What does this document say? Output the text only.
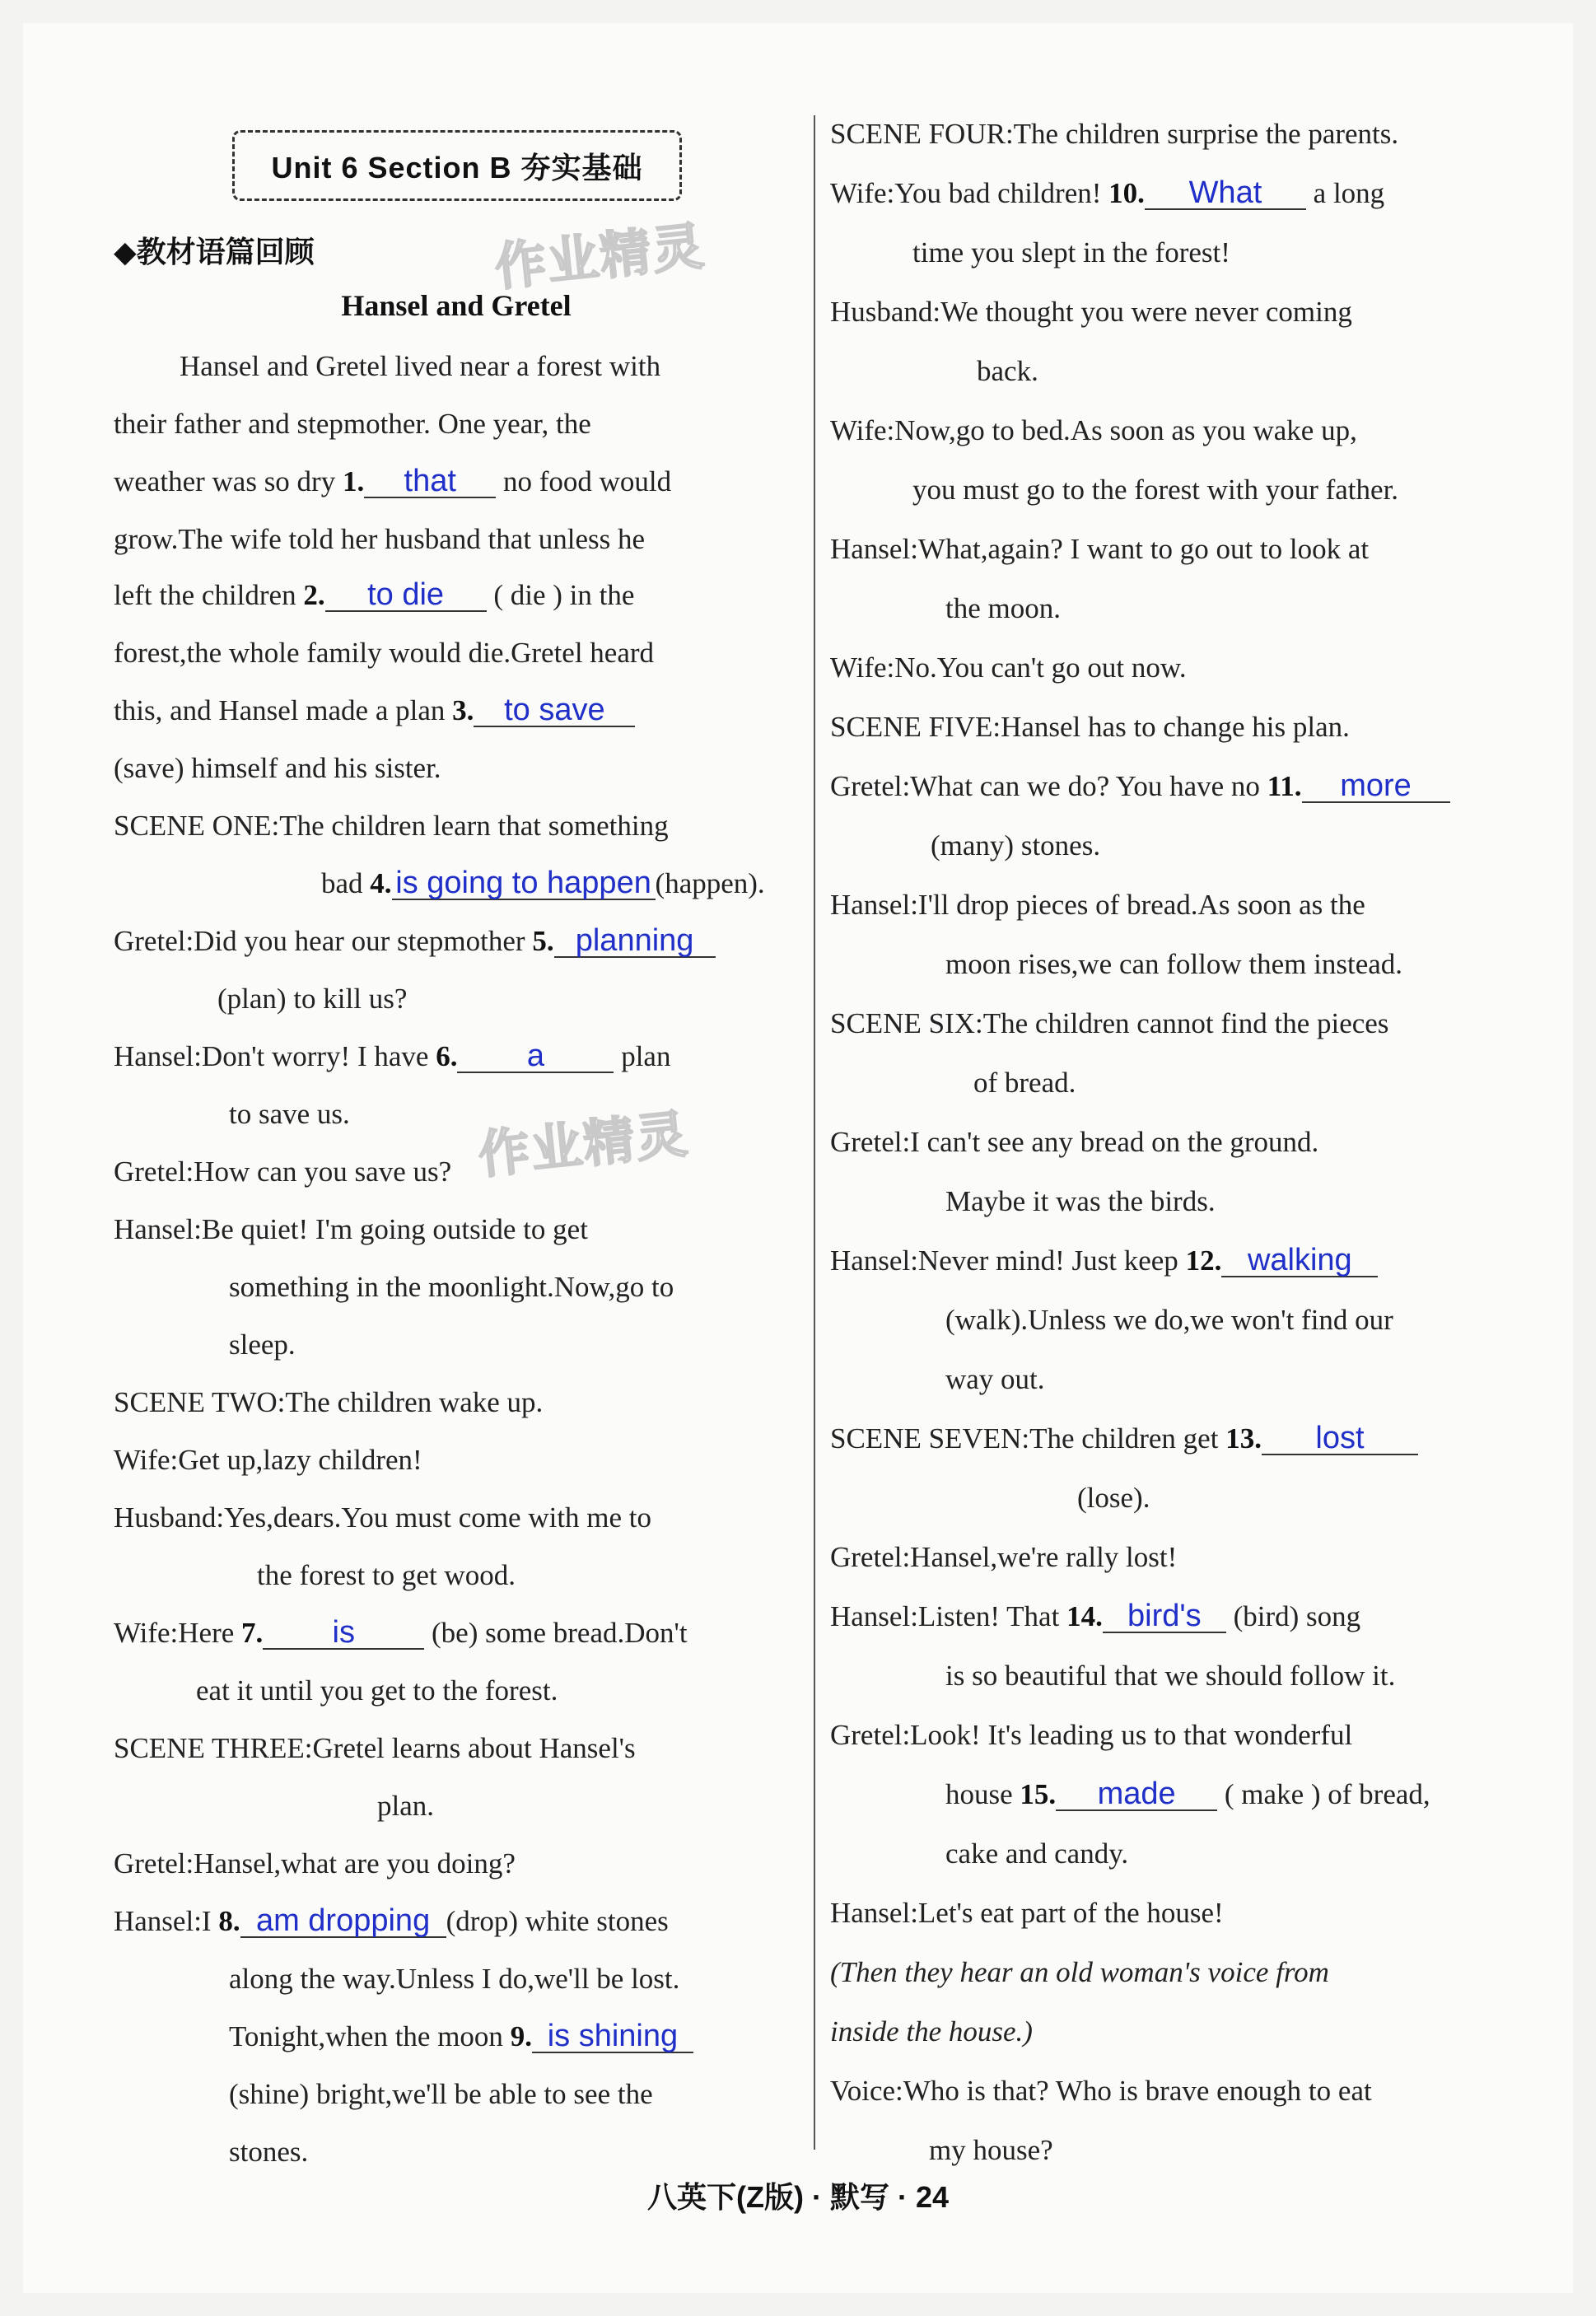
Unit 6 Section B 夯实基础
◆教材语篇回顾	作业精灵
作业精灵
Hansel and Gretel
Hansel and Gretel lived near a forest with
their father and stepmother. One year, the
weather was so dry 1. that no food would
grow.The wife told her husband that unless he
left the children 2. to die ( die ) in the
forest,the whole family would die.Gretel heard
this, and Hansel made a plan 3. to save
(save) himself and his sister.
SCENE ONE:The children learn that something
bad 4. is going to happen (happen).
Gretel:Did you hear our stepmother 5. planning
(plan) to kill us?
Hansel:Don't worry! I have 6. a plan
to save us.
Gretel:How can you save us?
Hansel:Be quiet! I'm going outside to get
something in the moonlight.Now,go to
sleep.
SCENE TWO:The children wake up.
Wife:Get up,lazy children!
Husband:Yes,dears.You must come with me to
the forest to get wood.
Wife:Here 7. is (be) some bread.Don't
eat it until you get to the forest.
SCENE THREE:Gretel learns about Hansel's
plan.
Gretel:Hansel,what are you doing?
Hansel:I 8. am dropping (drop) white stones
along the way.Unless I do,we'll be lost.
Tonight,when the moon 9. is shining
(shine) bright,we'll be able to see the
stones.
SCENE FOUR:The children surprise the parents.
Wife:You bad children! 10. What a long
time you slept in the forest!
Husband:We thought you were never coming
back.
Wife:Now,go to bed.As soon as you wake up,
you must go to the forest with your father.
Hansel:What,again? I want to go out to look at
the moon.
Wife:No.You can't go out now.
SCENE FIVE:Hansel has to change his plan.
Gretel:What can we do? You have no 11. more
(many) stones.
Hansel:I'll drop pieces of bread.As soon as the
moon rises,we can follow them instead.
SCENE SIX:The children cannot find the pieces
of bread.
Gretel:I can't see any bread on the ground.
Maybe it was the birds.
Hansel:Never mind! Just keep 12. walking
(walk).Unless we do,we won't find our
way out.
SCENE SEVEN:The children get 13. lost
(lose).
Gretel:Hansel,we're rally lost!
Hansel:Listen! That 14. bird's (bird) song
is so beautiful that we should follow it.
Gretel:Look! It's leading us to that wonderful
house 15. made ( make ) of bread,
cake and candy.
Hansel:Let's eat part of the house!
(Then they hear an old woman's voice from
inside the house.)
Voice:Who is that? Who is brave enough to eat
my house?
八英下(Z版) · 默写 · 24
